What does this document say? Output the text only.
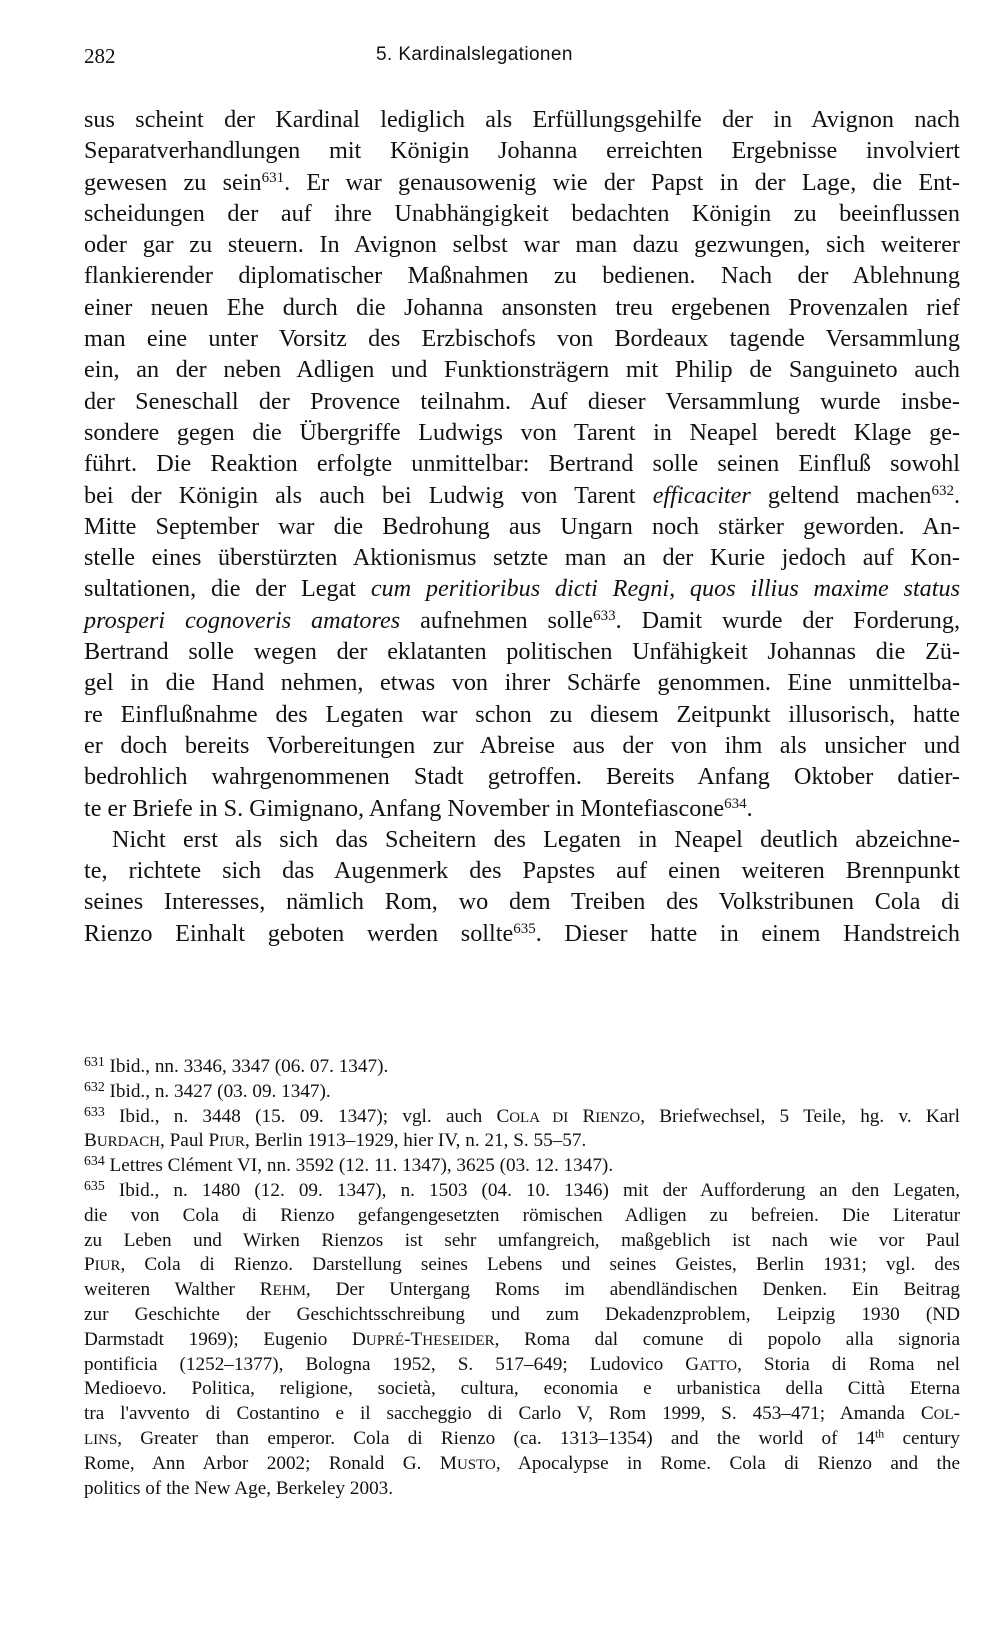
282	5. Kardinalslegationen
sus scheint der Kardinal lediglich als Erfüllungsgehilfe der in Avignon nach
Separatverhandlungen mit Königin Johanna erreichten Ergebnisse involviert
gewesen zu sein$^{631}$. Er war genausowenig wie der Papst in der Lage, die Ent-
scheidungen der auf ihre Unabhängigkeit bedachten Königin zu beeinflussen
oder gar zu steuern. In Avignon selbst war man dazu gezwungen, sich weiterer
flankierender diplomatischer Maßnahmen zu bedienen. Nach der Ablehnung
einer neuen Ehe durch die Johanna ansonsten treu ergebenen Provenzalen rief
man eine unter Vorsitz des Erzbischofs von Bordeaux tagende Versammlung
ein, an der neben Adligen und Funktionsträgern mit Philip de Sanguineto auch
der Seneschall der Provence teilnahm. Auf dieser Versammlung wurde insbe-
sondere gegen die Übergriffe Ludwigs von Tarent in Neapel beredt Klage ge-
führt. Die Reaktion erfolgte unmittelbar: Bertrand solle seinen Einfluß sowohl
bei der Königin als auch bei Ludwig von Tarent efficaciter geltend machen$^{632}$.
Mitte September war die Bedrohung aus Ungarn noch stärker geworden. An-
stelle eines überstürzten Aktionismus setzte man an der Kurie jedoch auf Kon-
sultationen, die der Legat cum peritioribus dicti Regni, quos illius maxime status
prosperi cognoveris amatores aufnehmen solle$^{633}$. Damit wurde der Forderung,
Bertrand solle wegen der eklatanten politischen Unfähigkeit Johannas die Zü-
gel in die Hand nehmen, etwas von ihrer Schärfe genommen. Eine unmittelba-
re Einflußnahme des Legaten war schon zu diesem Zeitpunkt illusorisch, hatte
er doch bereits Vorbereitungen zur Abreise aus der von ihm als unsicher und
bedrohlich wahrgenommenen Stadt getroffen. Bereits Anfang Oktober datier-
te er Briefe in S. Gimignano, Anfang November in Montefiascone$^{634}$.
Nicht erst als sich das Scheitern des Legaten in Neapel deutlich abzeichne-
te, richtete sich das Augenmerk des Papstes auf einen weiteren Brennpunkt
seines Interesses, nämlich Rom, wo dem Treiben des Volkstribunen Cola di
Rienzo Einhalt geboten werden sollte$^{635}$. Dieser hatte in einem Handstreich
$^{631}$ Ibid., nn. 3346, 3347 (06. 07. 1347).
$^{632}$ Ibid., n. 3427 (03. 09. 1347).
$^{633}$ Ibid., n. 3448 (15. 09. 1347); vgl. auch COLA DI RIENZO, Briefwechsel, 5 Teile, hg. v. Karl
BURDACH, Paul PIUR, Berlin 1913–1929, hier IV, n. 21, S. 55–57.
$^{634}$ Lettres Clément VI, nn. 3592 (12. 11. 1347), 3625 (03. 12. 1347).
$^{635}$ Ibid., n. 1480 (12. 09. 1347), n. 1503 (04. 10. 1346) mit der Aufforderung an den Legaten,
die von Cola di Rienzo gefangengesetzten römischen Adligen zu befreien. Die Literatur
zu Leben und Wirken Rienzos ist sehr umfangreich, maßgeblich ist nach wie vor Paul
PIUR, Cola di Rienzo. Darstellung seines Lebens und seines Geistes, Berlin 1931; vgl. des
weiteren Walther REHM, Der Untergang Roms im abendländischen Denken. Ein Beitrag
zur Geschichte der Geschichtsschreibung und zum Dekadenzproblem, Leipzig 1930 (ND
Darmstadt 1969); Eugenio DUPRÉ-THESEIDER, Roma dal comune di popolo alla signoria
pontificia (1252–1377), Bologna 1952, S. 517–649; Ludovico GATTO, Storia di Roma nel
Medioevo. Politica, religione, società, cultura, economia e urbanistica della Città Eterna
tra l'avvento di Costantino e il saccheggio di Carlo V, Rom 1999, S. 453–471; Amanda COL-
LINS, Greater than emperor. Cola di Rienzo (ca. 1313–1354) and the world of 14th century
Rome, Ann Arbor 2002; Ronald G. MUSTO, Apocalypse in Rome. Cola di Rienzo and the
politics of the New Age, Berkeley 2003.
